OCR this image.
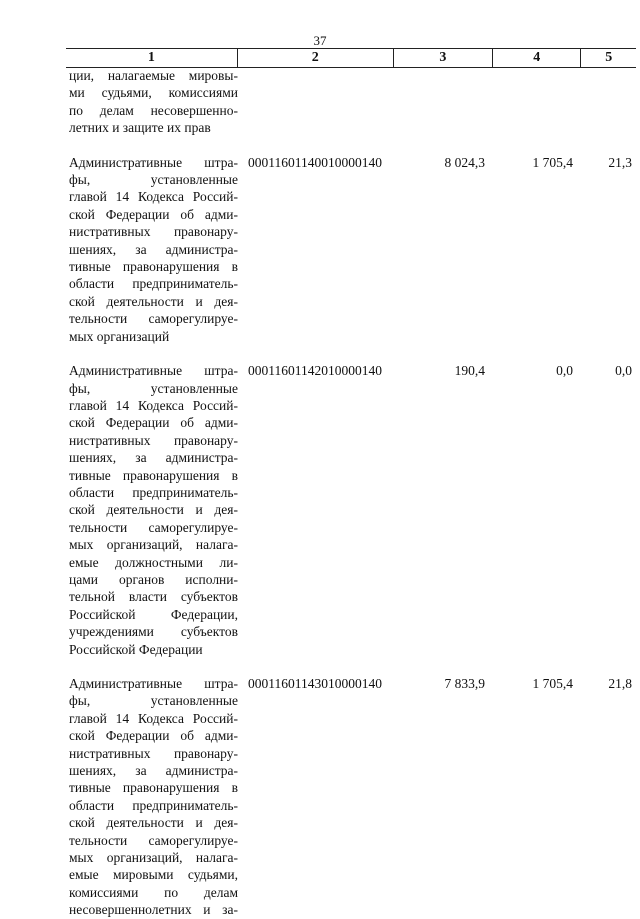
37
1	2	3	4	5
ции, налагаемые мировы-
ми судьями, комиссиями
по делам несовершенно-
летних и защите их прав
Административные штра-
фы, установленные
главой 14 Кодекса Россий-
ской Федерации об адми-
нистративных правонару-
шениях, за администра-
тивные правонарушения в
области предприниматель-
ской деятельности и дея-
тельности саморегулируе-
мых организаций
00011601140010000140	8 024,3	1 705,4	21,3
Административные штра-
фы, установленные
главой 14 Кодекса Россий-
ской Федерации об адми-
нистративных правонару-
шениях, за администра-
тивные правонарушения в
области предприниматель-
ской деятельности и дея-
тельности саморегулируе-
мых организаций, налага-
емые должностными ли-
цами органов исполни-
тельной власти субъектов
Российской Федерации,
учреждениями субъектов
Российской Федерации
00011601142010000140	190,4	0,0	0,0
Административные штра-
фы, установленные
главой 14 Кодекса Россий-
ской Федерации об адми-
нистративных правонару-
шениях, за администра-
тивные правонарушения в
области предприниматель-
ской деятельности и дея-
тельности саморегулируе-
мых организаций, налага-
емые мировыми судьями,
комиссиями по делам
несовершеннолетних и за-
00011601143010000140	7 833,9	1 705,4	21,8
